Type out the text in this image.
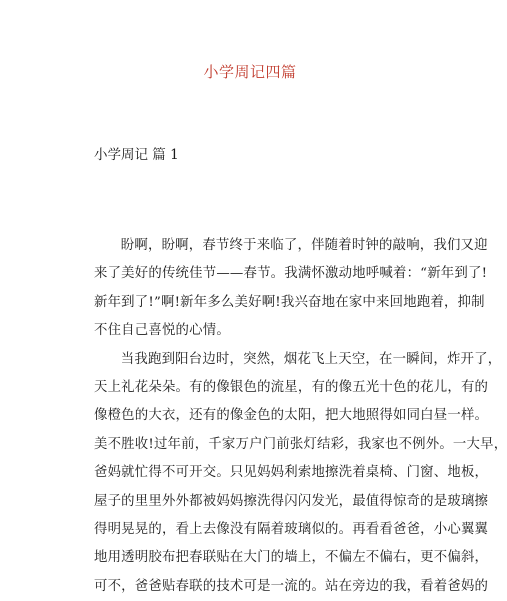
小学周记四篇
小学周记 篇 1

盼啊，盼啊，春节终于来临了，伴随着时钟的敲响，我们又迎
来了美好的传统佳节——春节。我满怀激动地呼喊着：“新年到了!
新年到了!”啊!新年多么美好啊!我兴奋地在家中来回地跑着，抑制
不住自己喜悦的心情。

当我跑到阳台边时，突然，烟花飞上天空，在一瞬间，炸开了，
天上礼花朵朵。有的像银色的流星，有的像五光十色的花儿，有的
像橙色的大衣，还有的像金色的太阳，把大地照得如同白昼一样。
美不胜收!过年前，千家万户门前张灯结彩，我家也不例外。一大早，
爸妈就忙得不可开交。只见妈妈利索地擦洗着桌椅、门窗、地板，
屋子的里里外外都被妈妈擦洗得闪闪发光，最值得惊奇的是玻璃擦
得明晃晃的，看上去像没有隔着玻璃似的。再看看爸爸，小心翼翼
地用透明胶布把春联贴在大门的墙上，不偏左不偏右，更不偏斜，
可不，爸爸贴春联的技术可是一流的。站在旁边的我，看着爸妈的
